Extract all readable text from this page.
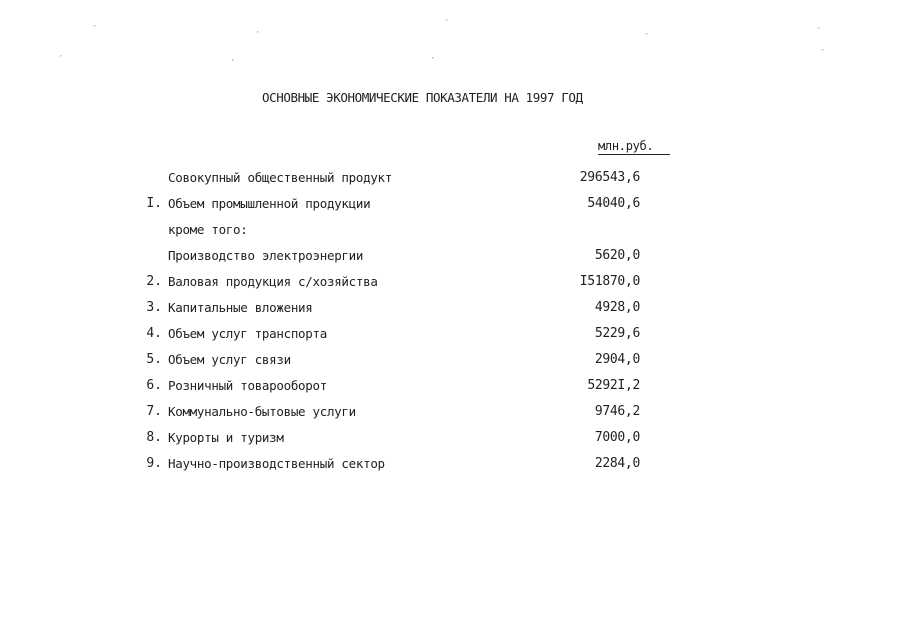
·
·
·
·
·
·	·	·
·
ОСНОВНЫЕ ЭКОНОМИЧЕСКИЕ ПОКАЗАТЕЛИ НА 1997 ГОД
млн.руб.
Совокупный общественный продукт	296543,6
I. Объем промышленной продукции	54040,6
кроме того:
Производство электроэнергии	5620,0
2. Валовая продукция с/хозяйства	I51870,0
3. Капитальные вложения	4928,0
4. Объем услуг транспорта	5229,6
5. Объем услуг связи	2904,0
6. Розничный товарооборот	5292I,2
7. Коммунально-бытовые услуги	9746,2
8. Курорты и туризм	7000,0
9. Научно-производственный сектор	2284,0
